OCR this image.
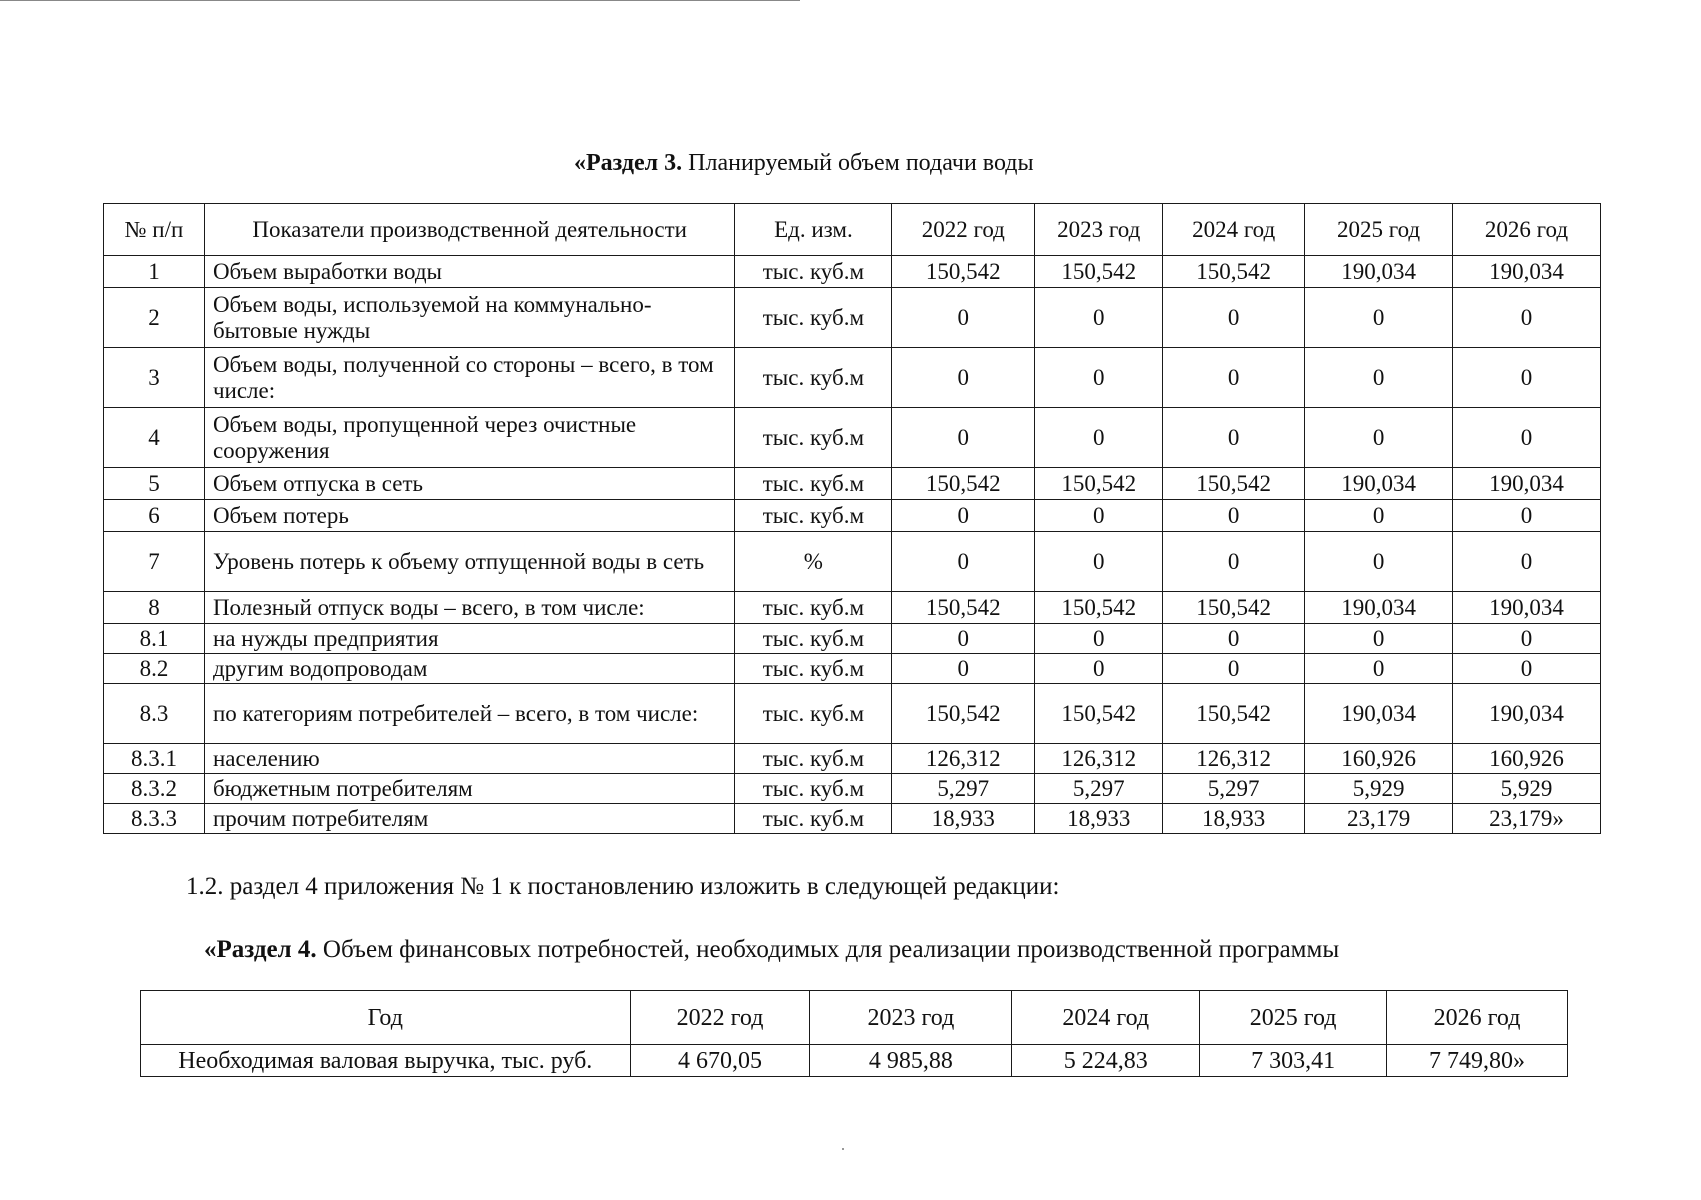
«Раздел 3. Планируемый объем подачи воды
№ п/п	Показатели производственной деятельности	Ед. изм.	2022 год	2023 год	2024 год	2025 год	2026 год
1	Объем выработки воды	тыс. куб.м	150,542	150,542	150,542	190,034	190,034
2	Объем воды, используемой на коммунально-бытовые нужды	тыс. куб.м	0	0	0	0	0
3	Объем воды, полученной со стороны – всего, в том числе:	тыс. куб.м	0	0	0	0	0
4	Объем воды, пропущенной через очистные сооружения	тыс. куб.м	0	0	0	0	0
5	Объем отпуска в сеть	тыс. куб.м	150,542	150,542	150,542	190,034	190,034
6	Объем потерь	тыс. куб.м	0	0	0	0	0
7	Уровень потерь к объему отпущенной воды в сеть	%	0	0	0	0	0
8	Полезный отпуск воды – всего, в том числе:	тыс. куб.м	150,542	150,542	150,542	190,034	190,034
8.1	на нужды предприятия	тыс. куб.м	0	0	0	0	0
8.2	другим водопроводам	тыс. куб.м	0	0	0	0	0
8.3	по категориям потребителей – всего, в том числе:	тыс. куб.м	150,542	150,542	150,542	190,034	190,034
8.3.1	населению	тыс. куб.м	126,312	126,312	126,312	160,926	160,926
8.3.2	бюджетным потребителям	тыс. куб.м	5,297	5,297	5,297	5,929	5,929
8.3.3	прочим потребителям	тыс. куб.м	18,933	18,933	18,933	23,179	23,179»
1.2. раздел 4 приложения № 1 к постановлению изложить в следующей редакции:
«Раздел 4. Объем финансовых потребностей, необходимых для реализации производственной программы
Год	2022 год	2023 год	2024 год	2025 год	2026 год
Необходимая валовая выручка, тыс. руб.	4 670,05	4 985,88	5 224,83	7 303,41	7 749,80»
